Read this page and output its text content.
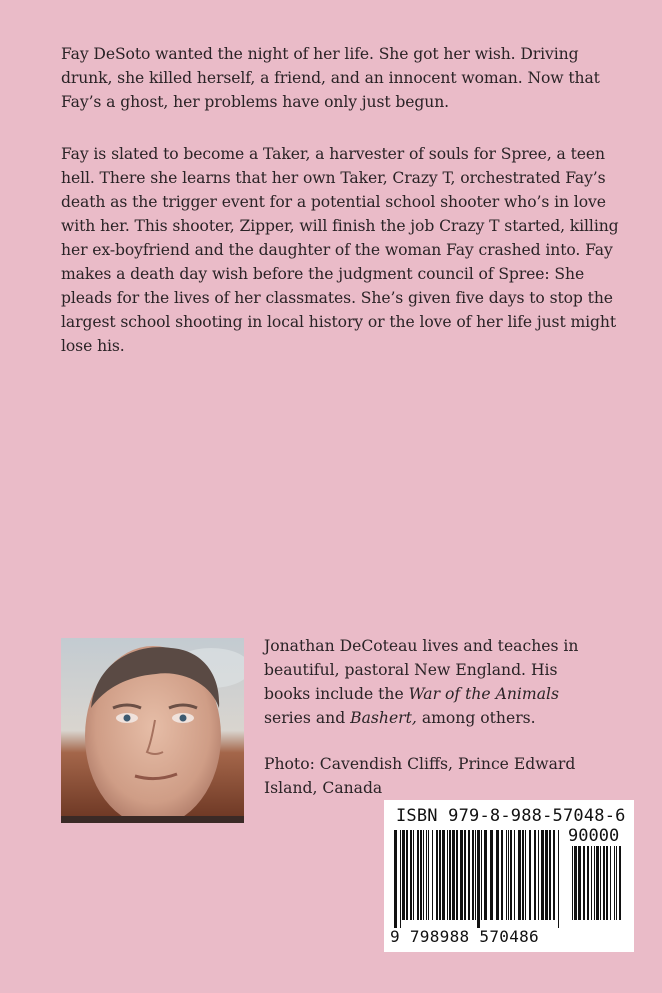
Fay DeSoto wanted the night of her life. She got her wish. Driving drunk, she killed herself, a friend, and an innocent woman. Now that Fay’s a ghost, her problems have only just begun.

Fay is slated to become a Taker, a harvester of souls for Spree, a teen hell. There she learns that her own Taker, Crazy T, orchestrated Fay’s death as the trigger event for a potential school shooter who’s in love with her. This shooter, Zipper, will finish the job Crazy T started, killing her ex-boyfriend and the daughter of the woman Fay crashed into. Fay makes a death day wish before the judgment council of Spree: She pleads for the lives of her classmates. She’s given five days to stop the largest school shooting in local history or the love of her life just might lose his.

Jonathan DeCoteau lives and teaches in beautiful, pastoral New England. His books include the War of the Animals series and Bashert, among others.

Photo: Cavendish Cliffs, Prince Edward Island, Canada

ISBN 979-8-988-57048-6
90000
9 798988 570486
